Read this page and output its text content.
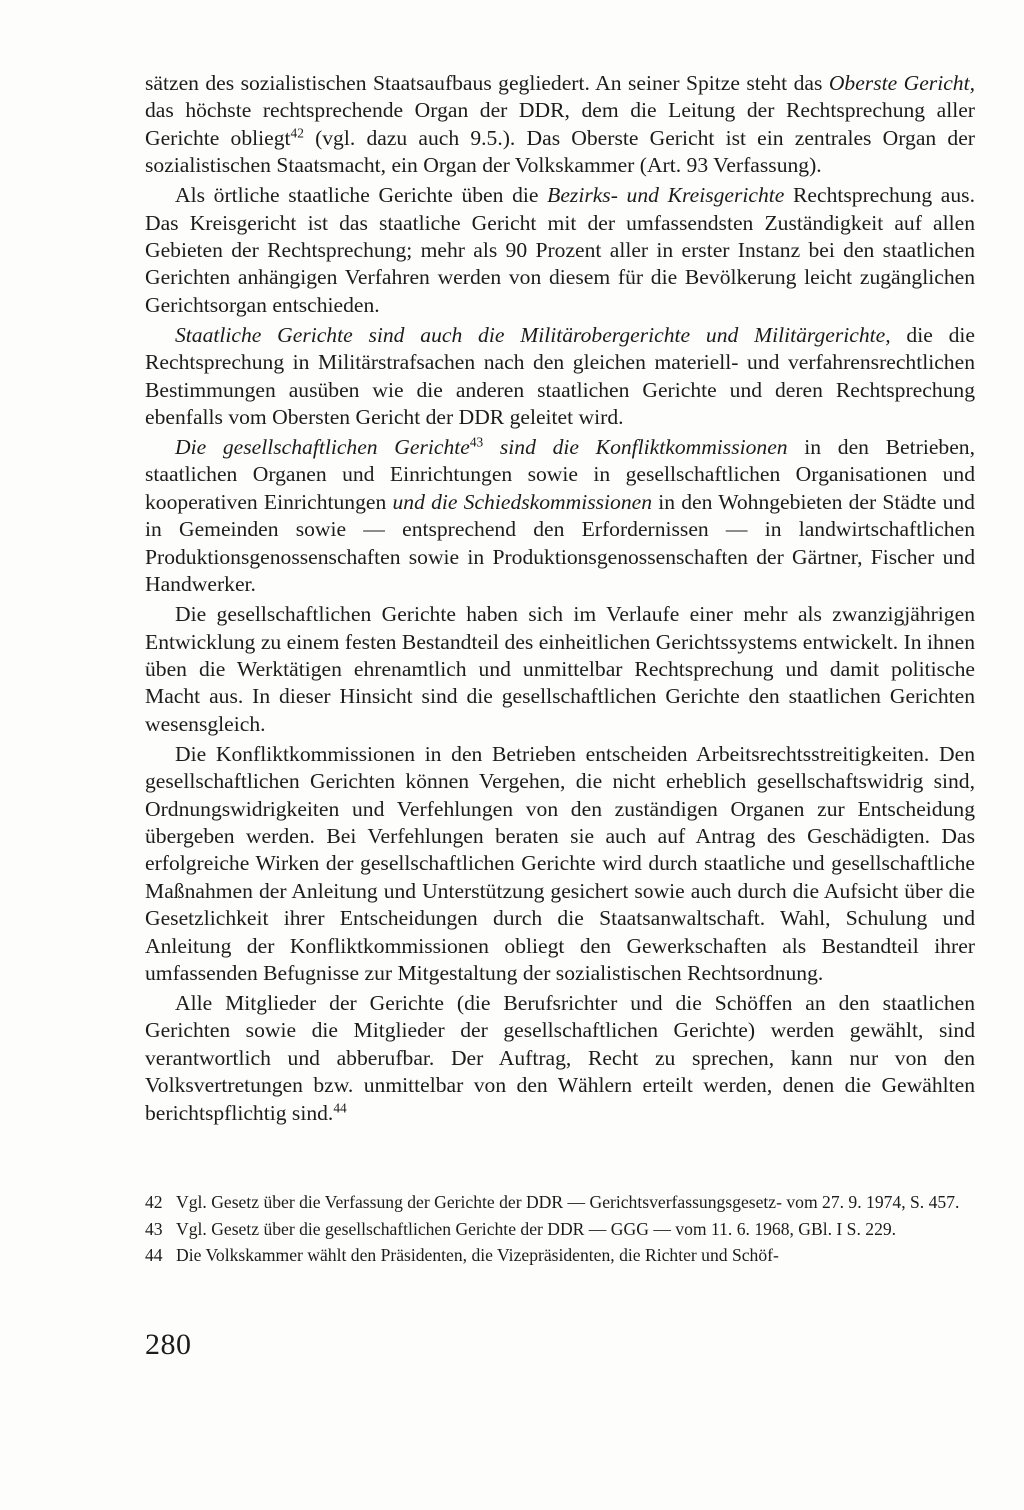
sätzen des sozialistischen Staatsaufbaus gegliedert. An seiner Spitze steht das Oberste Gericht, das höchste rechtsprechende Organ der DDR, dem die Leitung der Rechtsprechung aller Gerichte obliegt$^{42}$ (vgl. dazu auch 9.5.). Das Oberste Gericht ist ein zentrales Organ der sozialistischen Staatsmacht, ein Organ der Volkskammer (Art. 93 Verfassung).

Als örtliche staatliche Gerichte üben die Bezirks- und Kreisgerichte Rechtsprechung aus. Das Kreisgericht ist das staatliche Gericht mit der umfassendsten Zuständigkeit auf allen Gebieten der Rechtsprechung; mehr als 90 Prozent aller in erster Instanz bei den staatlichen Gerichten anhängigen Verfahren werden von diesem für die Bevölkerung leicht zugänglichen Gerichtsorgan entschieden.

Staatliche Gerichte sind auch die Militärobergerichte und Militärgerichte, die die Rechtsprechung in Militärstrafsachen nach den gleichen materiell- und verfahrensrechtlichen Bestimmungen ausüben wie die anderen staatlichen Gerichte und deren Rechtsprechung ebenfalls vom Obersten Gericht der DDR geleitet wird.

Die gesellschaftlichen Gerichte$^{43}$ sind die Konfliktkommissionen in den Betrieben, staatlichen Organen und Einrichtungen sowie in gesellschaftlichen Organisationen und kooperativen Einrichtungen und die Schiedskommissionen in den Wohngebieten der Städte und in Gemeinden sowie — entsprechend den Erfordernissen — in landwirtschaftlichen Produktionsgenossenschaften sowie in Produktionsgenossenschaften der Gärtner, Fischer und Handwerker.

Die gesellschaftlichen Gerichte haben sich im Verlaufe einer mehr als zwanzigjährigen Entwicklung zu einem festen Bestandteil des einheitlichen Gerichtssystems entwickelt. In ihnen üben die Werktätigen ehrenamtlich und unmittelbar Rechtsprechung und damit politische Macht aus. In dieser Hinsicht sind die gesellschaftlichen Gerichte den staatlichen Gerichten wesensgleich.

Die Konfliktkommissionen in den Betrieben entscheiden Arbeitsrechtsstreitigkeiten. Den gesellschaftlichen Gerichten können Vergehen, die nicht erheblich gesellschaftswidrig sind, Ordnungswidrigkeiten und Verfehlungen von den zuständigen Organen zur Entscheidung übergeben werden. Bei Verfehlungen beraten sie auch auf Antrag des Geschädigten. Das erfolgreiche Wirken der gesellschaftlichen Gerichte wird durch staatliche und gesellschaftliche Maßnahmen der Anleitung und Unterstützung gesichert sowie auch durch die Aufsicht über die Gesetzlichkeit ihrer Entscheidungen durch die Staatsanwaltschaft. Wahl, Schulung und Anleitung der Konfliktkommissionen obliegt den Gewerkschaften als Bestandteil ihrer umfassenden Befugnisse zur Mitgestaltung der sozialistischen Rechtsordnung.

Alle Mitglieder der Gerichte (die Berufsrichter und die Schöffen an den staatlichen Gerichten sowie die Mitglieder der gesellschaftlichen Gerichte) werden gewählt, sind verantwortlich und abberufbar. Der Auftrag, Recht zu sprechen, kann nur von den Volksvertretungen bzw. unmittelbar von den Wählern erteilt werden, denen die Gewählten berichtspflichtig sind.$^{44}$

42 Vgl. Gesetz über die Verfassung der Gerichte der DDR — Gerichtsverfassungsgesetz- vom 27. 9. 1974, S. 457.
43 Vgl. Gesetz über die gesellschaftlichen Gerichte der DDR — GGG — vom 11. 6. 1968, GBl. I S. 229.
44 Die Volkskammer wählt den Präsidenten, die Vizepräsidenten, die Richter und Schöf-
280
